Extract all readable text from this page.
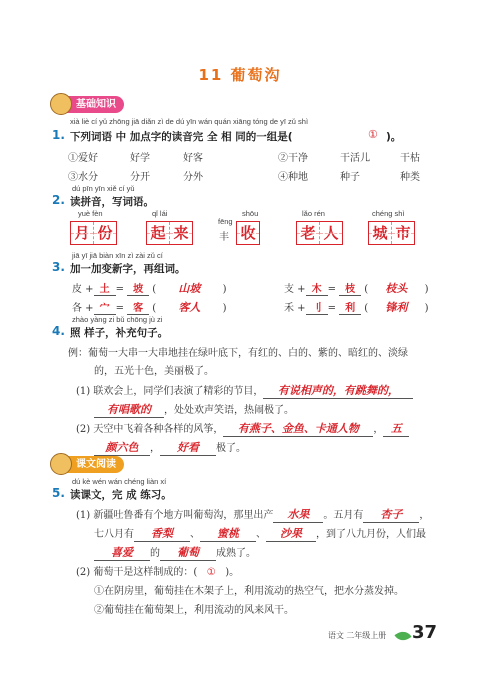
11 葡萄沟
基础知识
xià liè cí yǔ zhōng jiā diǎn zì de dú yīn wán quán xiāng tóng de yī zǔ shì
1. 下列词语 中 加点字的读音完 全 相 同的一组是(	① )。
①爱好	好学	好客	②干净	干活儿	干枯
③水分	分开	分外	④种地	种子	种类
dú pīn yīn xiě cí yǔ
2. 读拼音，写词语。
yuè fèn
月 份
qǐ lái
起 来
fēng
丰
shōu
收
lǎo rén
老 人
chéng shì
城 市
jiā yī jiā biàn xīn zì zài zǔ cí
3. 加一加变新字，再组词。
皮 + 土 = 坡 ( 山坡 )	支 + 木 = 枝 ( 枝头 )
各 + 宀 = 客 ( 客人 )	禾 + 刂 = 利 ( 锋利 )
zhào yàng zi bǔ chōng jù zi
4. 照 样子，补充句子。
例：葡萄一大串一大串地挂在绿叶底下，有红的、白的、紫的、暗红的、淡绿
的，五光十色，美丽极了。
(1) 联欢会上，同学们表演了精彩的节目， 有说相声的，有跳舞的，
有唱歌的 ，处处欢声笑语，热闹极了。
(2) 天空中飞着各种各样的风筝， 有燕子、金鱼、卡通人物 ， 五
颜六色 ， 好看 极了。
课文阅读
dú kè wén wán chéng liàn xí
5. 读课文，完 成 练习。
(1) 新疆吐鲁番有个地方叫葡萄沟，那里出产 水果 。五月有 杏子 ，
七八月有 香梨 、 蜜桃 、 沙果 ，到了八九月份，人们最
喜爱 的 葡萄 成熟了。
(2) 葡萄干是这样制成的：( ① )。
①在阴房里，葡萄挂在木架子上，利用流动的热空气，把水分蒸发掉。
②葡萄挂在葡萄架上，利用流动的风来风干。
语文 二年级上册 37
